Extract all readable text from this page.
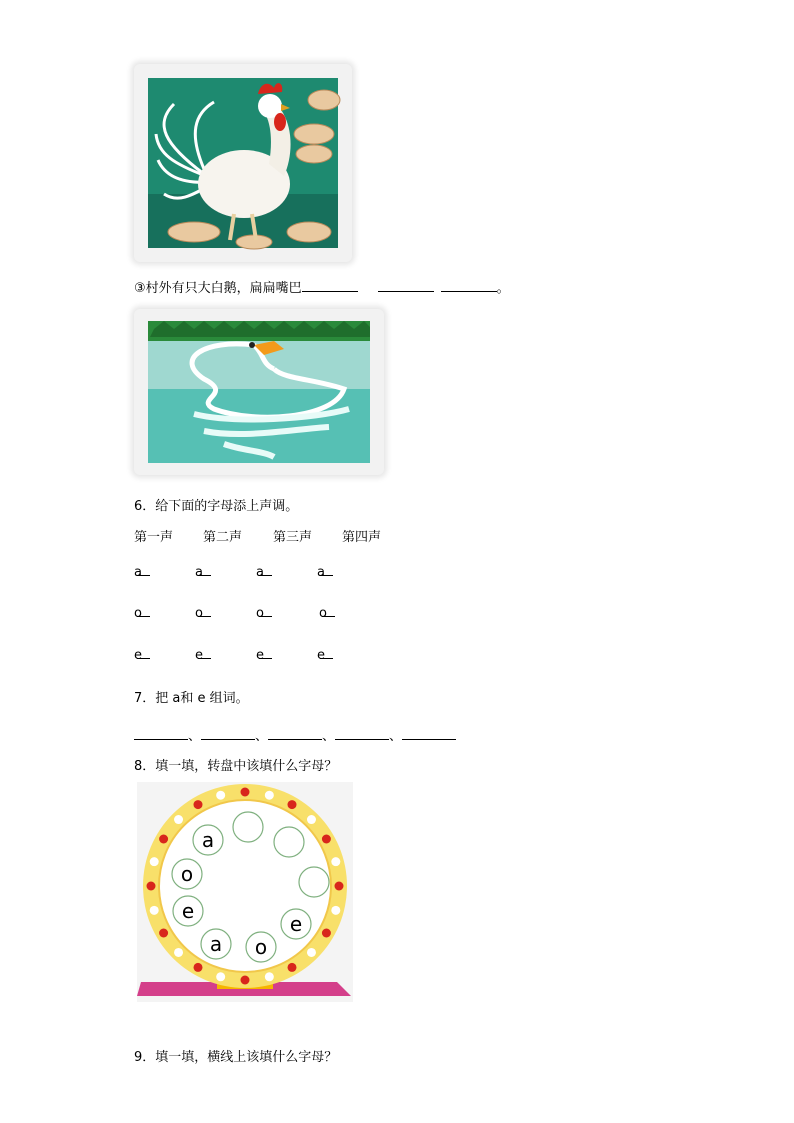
③村外有只大白鹅，扁扁嘴巴	。
6．给下面的字母添上声调。
第一声 第二声 第三声 第四声
a	a	a	a
o	o	o	o
e	e	e	e
7．把 a和 e 组词。
、	、	、	、
8．填一填，转盘中该填什么字母？
a
o
e
e
a o
9．填一填，横线上该填什么字母？
